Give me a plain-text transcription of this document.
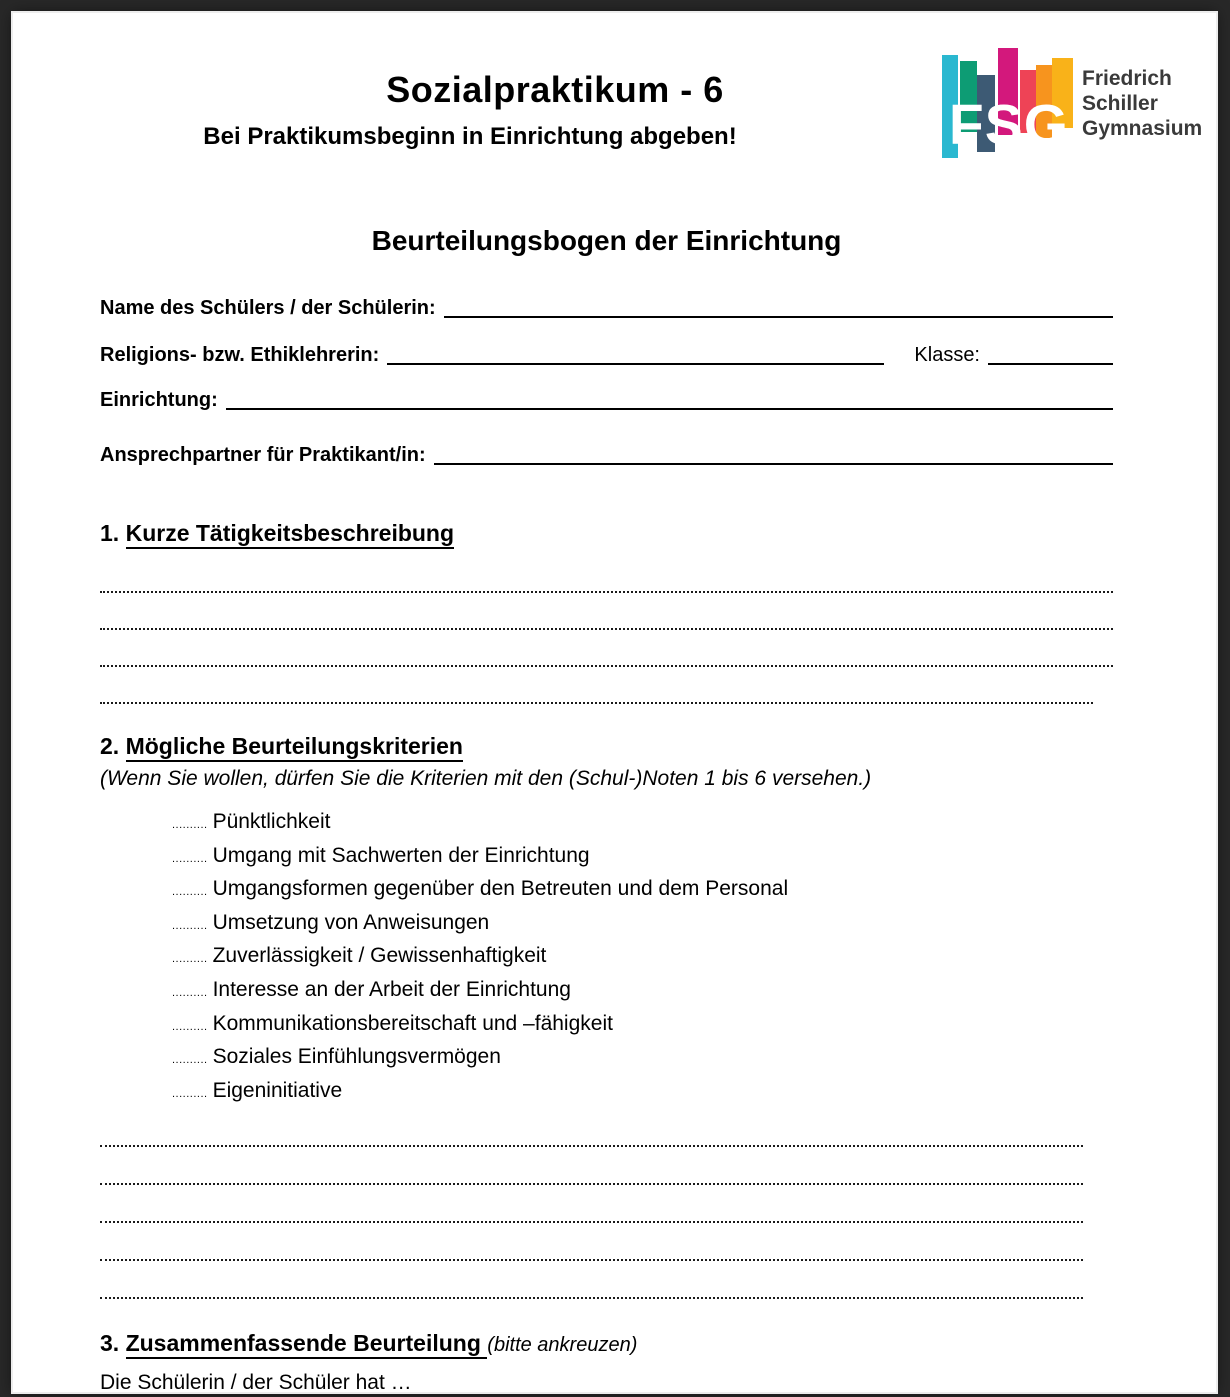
Sozialpraktikum - 6
Bei Praktikumsbeginn in Einrichtung abgeben!	FSG
Friedrich
Schiller
Gymnasium
Beurteilungsbogen der Einrichtung
Name des Schülers / der Schülerin:
Religions- bzw. Ethiklehrerin:	Klasse:
Einrichtung:
Ansprechpartner für Praktikant/in:
1. Kurze Tätigkeitsbeschreibung
2. Mögliche Beurteilungskriterien
(Wenn Sie wollen, dürfen Sie die Kriterien mit den (Schul-)Noten 1 bis 6 versehen.)
.......... Pünktlichkeit
.......... Umgang mit Sachwerten der Einrichtung
.......... Umgangsformen gegenüber den Betreuten und dem Personal
.......... Umsetzung von Anweisungen
.......... Zuverlässigkeit / Gewissenhaftigkeit
.......... Interesse an der Arbeit der Einrichtung
.......... Kommunikationsbereitschaft und –fähigkeit
.......... Soziales Einfühlungsvermögen
.......... Eigeninitiative
3. Zusammenfassende Beurteilung (bitte ankreuzen)
Die Schülerin / der Schüler hat …
